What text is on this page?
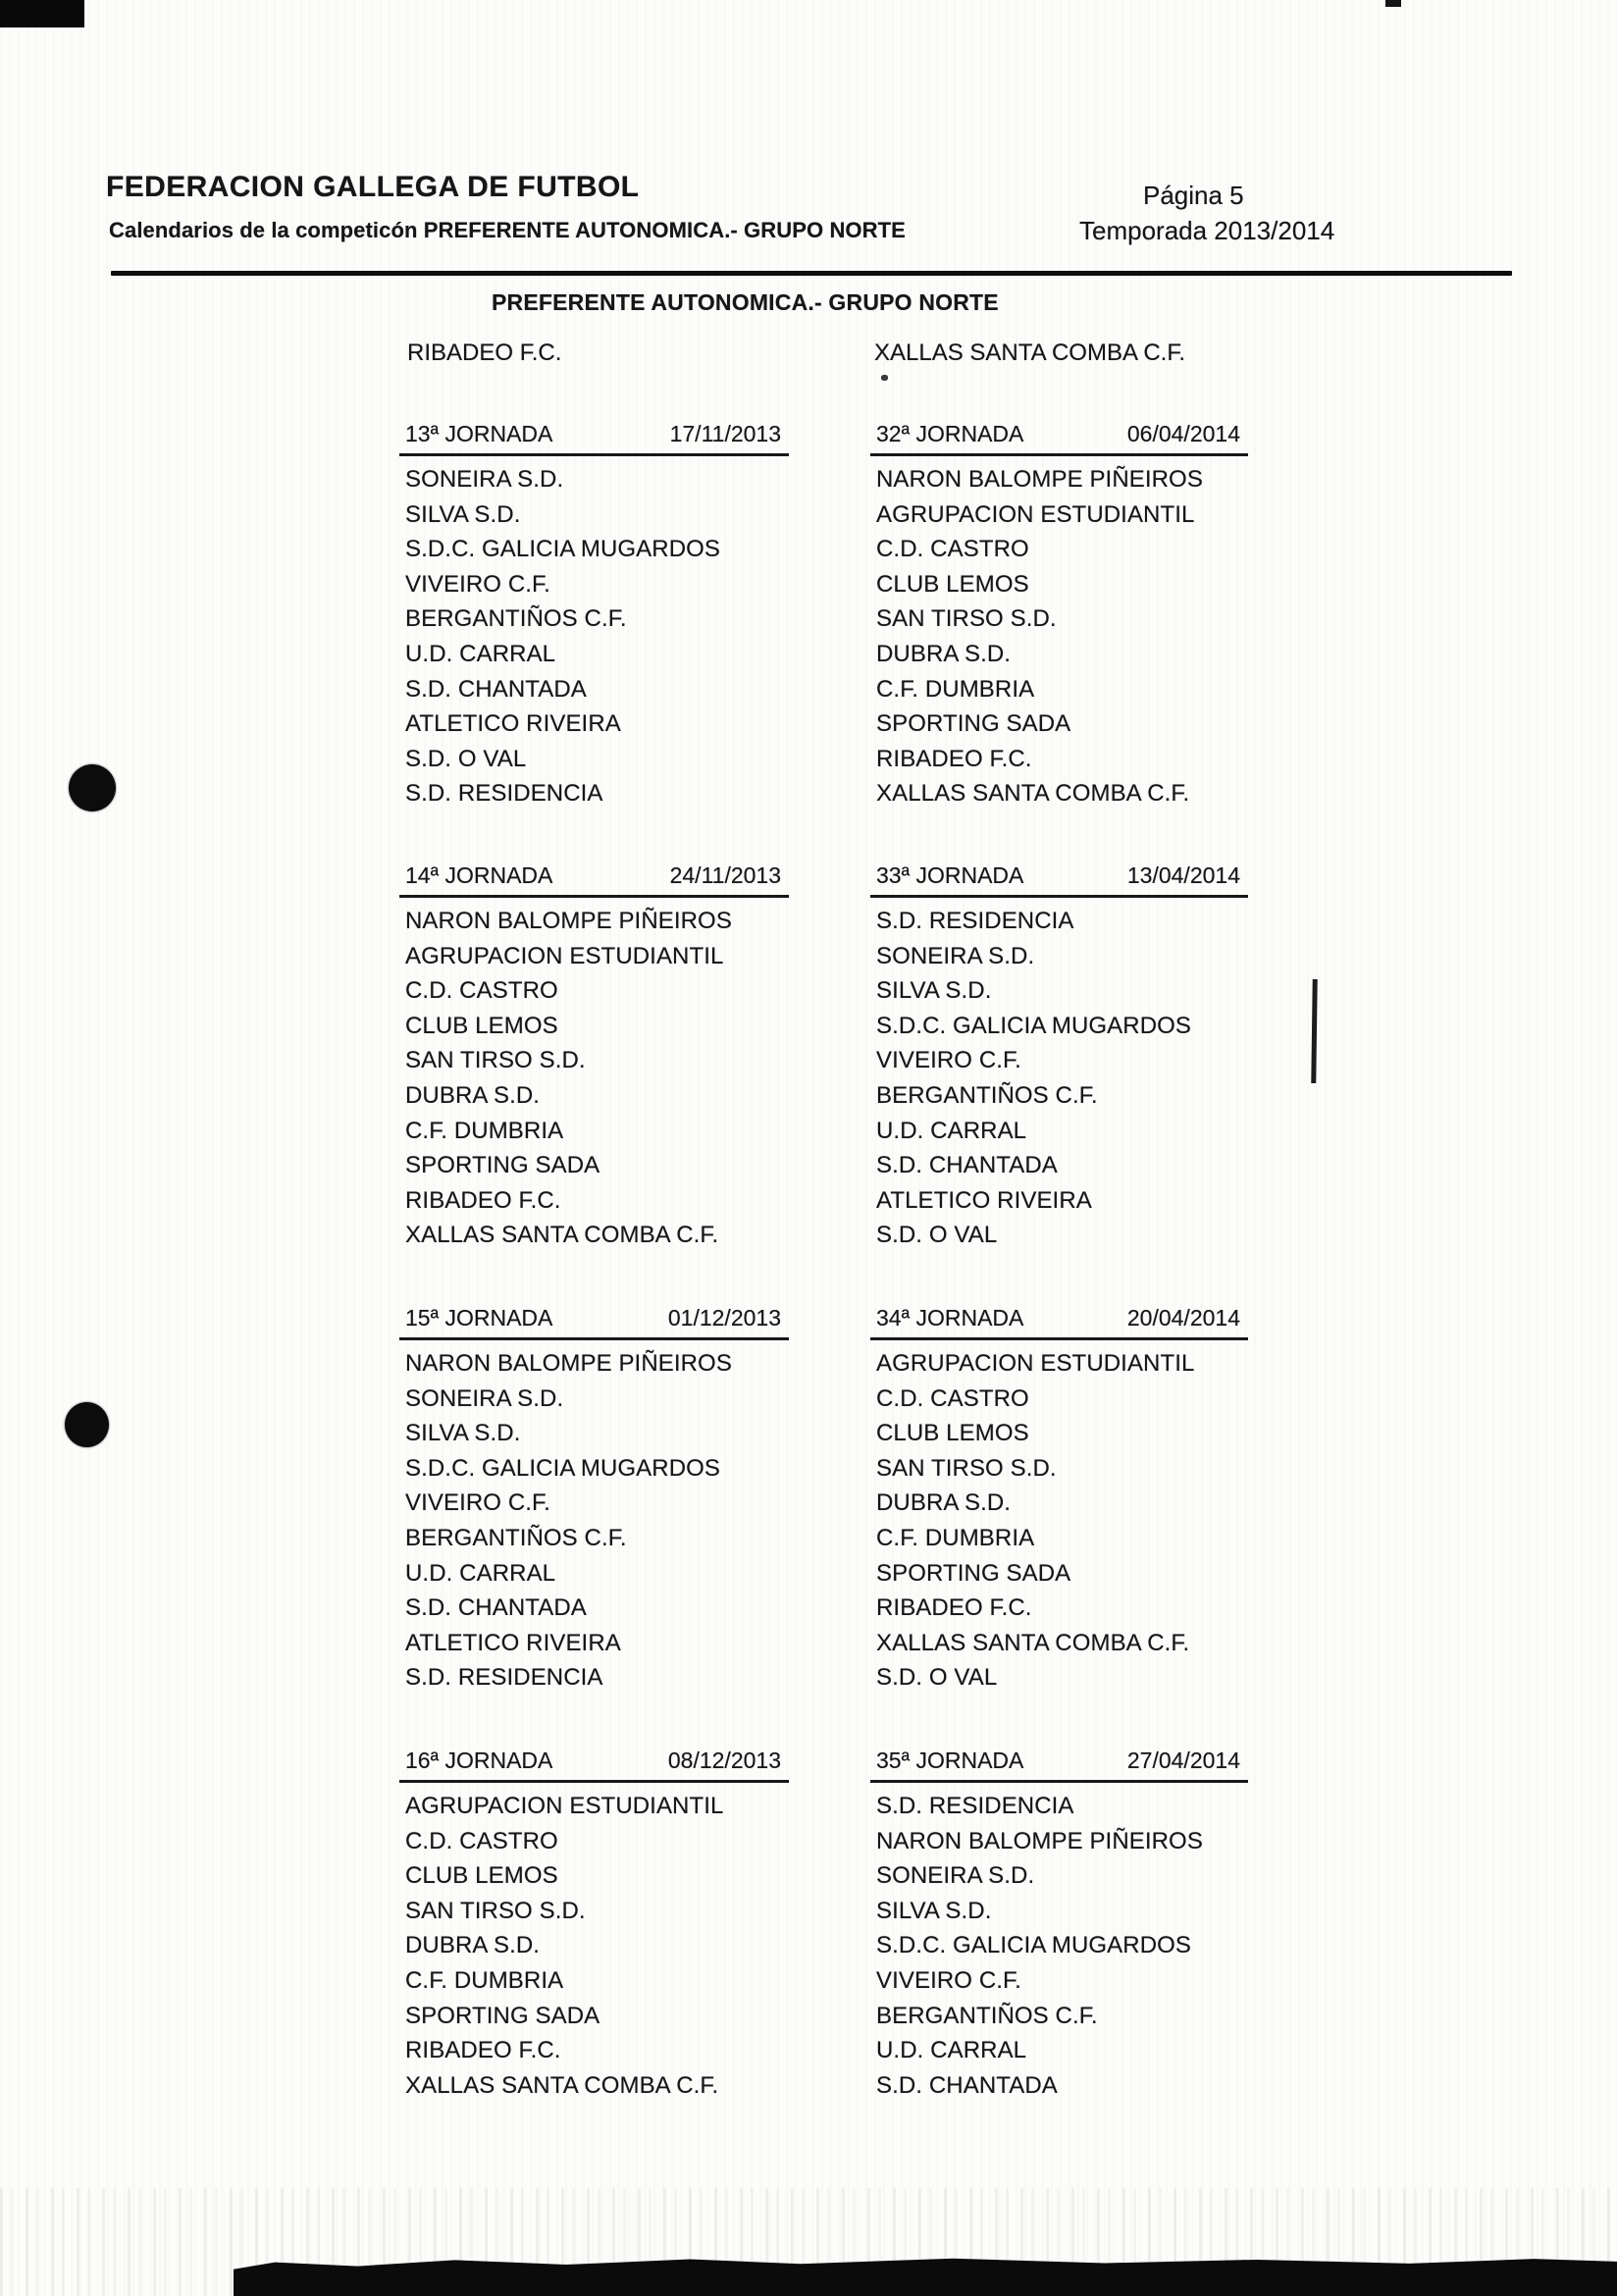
FEDERACION GALLEGA DE FUTBOL
Calendarios de la competicón PREFERENTE AUTONOMICA.- GRUPO NORTE
Página 5
Temporada 2013/2014
PREFERENTE AUTONOMICA.- GRUPO NORTE
RIBADEO F.C.	XALLAS SANTA COMBA C.F.
13ª JORNADA	17/11/2013
SONEIRA S.D.
SILVA S.D.
S.D.C. GALICIA MUGARDOS
VIVEIRO C.F.
BERGANTIÑOS C.F.
U.D. CARRAL
S.D. CHANTADA
ATLETICO RIVEIRA
S.D. O VAL
S.D. RESIDENCIA
32ª JORNADA	06/04/2014
NARON BALOMPE PIÑEIROS
AGRUPACION ESTUDIANTIL
C.D. CASTRO
CLUB LEMOS
SAN TIRSO S.D.
DUBRA S.D.
C.F. DUMBRIA
SPORTING SADA
RIBADEO F.C.
XALLAS SANTA COMBA C.F.
14ª JORNADA	24/11/2013
NARON BALOMPE PIÑEIROS
AGRUPACION ESTUDIANTIL
C.D. CASTRO
CLUB LEMOS
SAN TIRSO S.D.
DUBRA S.D.
C.F. DUMBRIA
SPORTING SADA
RIBADEO F.C.
XALLAS SANTA COMBA C.F.
33ª JORNADA	13/04/2014
S.D. RESIDENCIA
SONEIRA S.D.
SILVA S.D.
S.D.C. GALICIA MUGARDOS
VIVEIRO C.F.
BERGANTIÑOS C.F.
U.D. CARRAL
S.D. CHANTADA
ATLETICO RIVEIRA
S.D. O VAL
15ª JORNADA	01/12/2013
NARON BALOMPE PIÑEIROS
SONEIRA S.D.
SILVA S.D.
S.D.C. GALICIA MUGARDOS
VIVEIRO C.F.
BERGANTIÑOS C.F.
U.D. CARRAL
S.D. CHANTADA
ATLETICO RIVEIRA
S.D. RESIDENCIA
34ª JORNADA	20/04/2014
AGRUPACION ESTUDIANTIL
C.D. CASTRO
CLUB LEMOS
SAN TIRSO S.D.
DUBRA S.D.
C.F. DUMBRIA
SPORTING SADA
RIBADEO F.C.
XALLAS SANTA COMBA C.F.
S.D. O VAL
16ª JORNADA	08/12/2013
AGRUPACION ESTUDIANTIL
C.D. CASTRO
CLUB LEMOS
SAN TIRSO S.D.
DUBRA S.D.
C.F. DUMBRIA
SPORTING SADA
RIBADEO F.C.
XALLAS SANTA COMBA C.F.
35ª JORNADA	27/04/2014
S.D. RESIDENCIA
NARON BALOMPE PIÑEIROS
SONEIRA S.D.
SILVA S.D.
S.D.C. GALICIA MUGARDOS
VIVEIRO C.F.
BERGANTIÑOS C.F.
U.D. CARRAL
S.D. CHANTADA
